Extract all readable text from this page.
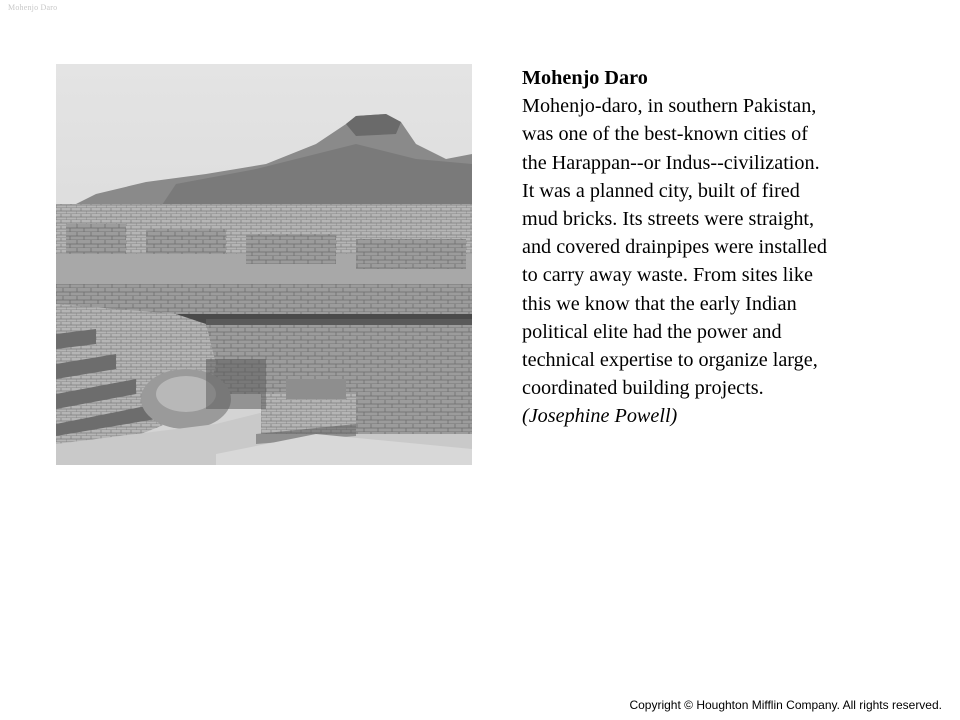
Mohenjo Daro
Mohenjo Daro
Mohenjo-daro, in southern Pakistan,
was one of the best-known cities of
the Harappan--or Indus--civilization.
It was a planned city, built of fired
mud bricks. Its streets were straight,
and covered drainpipes were installed
to carry away waste. From sites like
this we know that the early Indian
political elite had the power and
technical expertise to organize large,
coordinated building projects.
(Josephine Powell)
Copyright © Houghton Mifflin Company. All rights reserved.
